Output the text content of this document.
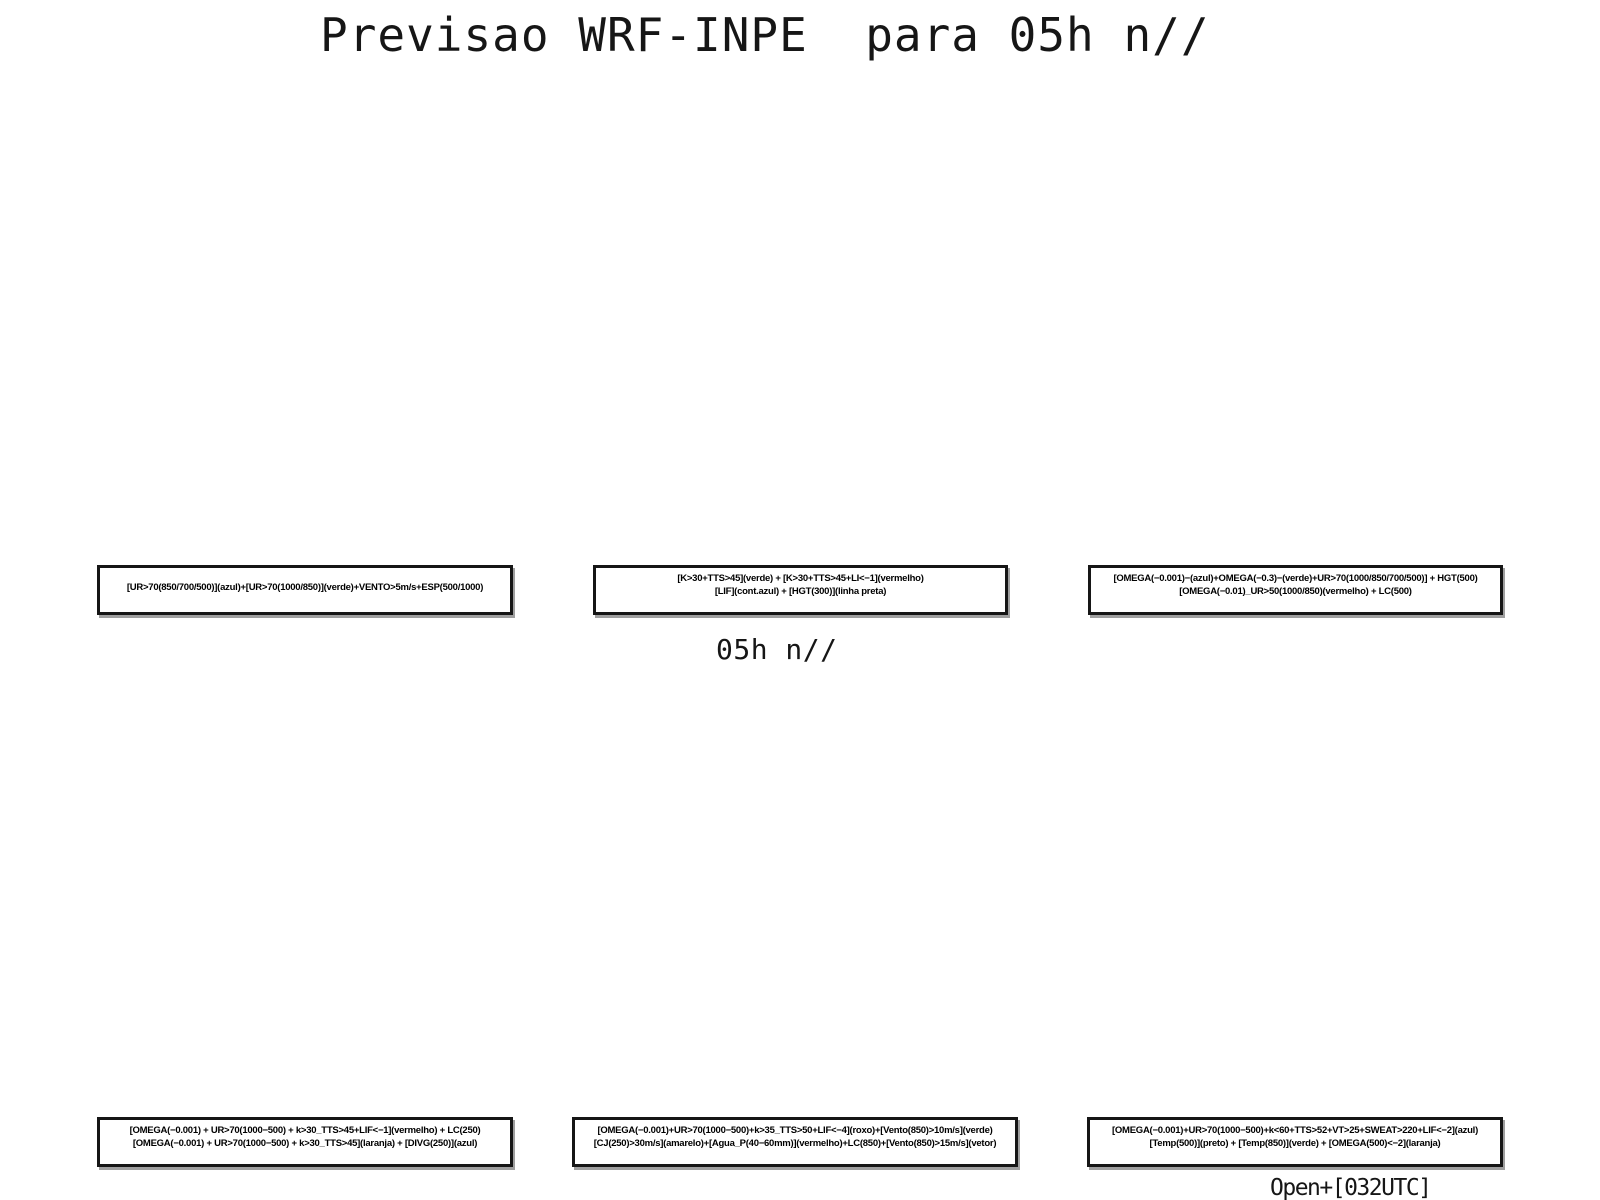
Previsao WRF-INPE  para 05h n//
[UR>70(850/700/500)](azul)+[UR>70(1000/850)](verde)+VENTO>5m/s+ESP(500/1000)
[K>30+TTS>45](verde) + [K>30+TTS>45+LI<−1](vermelho)
[LIF](cont.azul) + [HGT(300)](linha preta)
[OMEGA(−0.001)−(azul)+OMEGA(−0.3)−(verde)+UR>70(1000/850/700/500)] + HGT(500)
[OMEGA(−0.01)_UR>50(1000/850)(vermelho) + LC(500)
05h n//
[OMEGA(−0.001) + UR>70(1000−500) + k>30_TTS>45+LIF<−1](vermelho) + LC(250)
[OMEGA(−0.001) + UR>70(1000−500) + k>30_TTS>45](laranja) + [DIVG(250)](azul)
[OMEGA(−0.001)+UR>70(1000−500)+k>35_TTS>50+LIF<−4](roxo)+[Vento(850)>10m/s](verde)
[CJ(250)>30m/s](amarelo)+[Agua_P(40−60mm)](vermelho)+LC(850)+[Vento(850)>15m/s](vetor)
[OMEGA(−0.001)+UR>70(1000−500)+k<60+TTS>52+VT>25+SWEAT>220+LIF<−2](azul)
[Temp(500)](preto) + [Temp(850)](verde) + [OMEGA(500)<−2](laranja)
Open+[032UTC]
